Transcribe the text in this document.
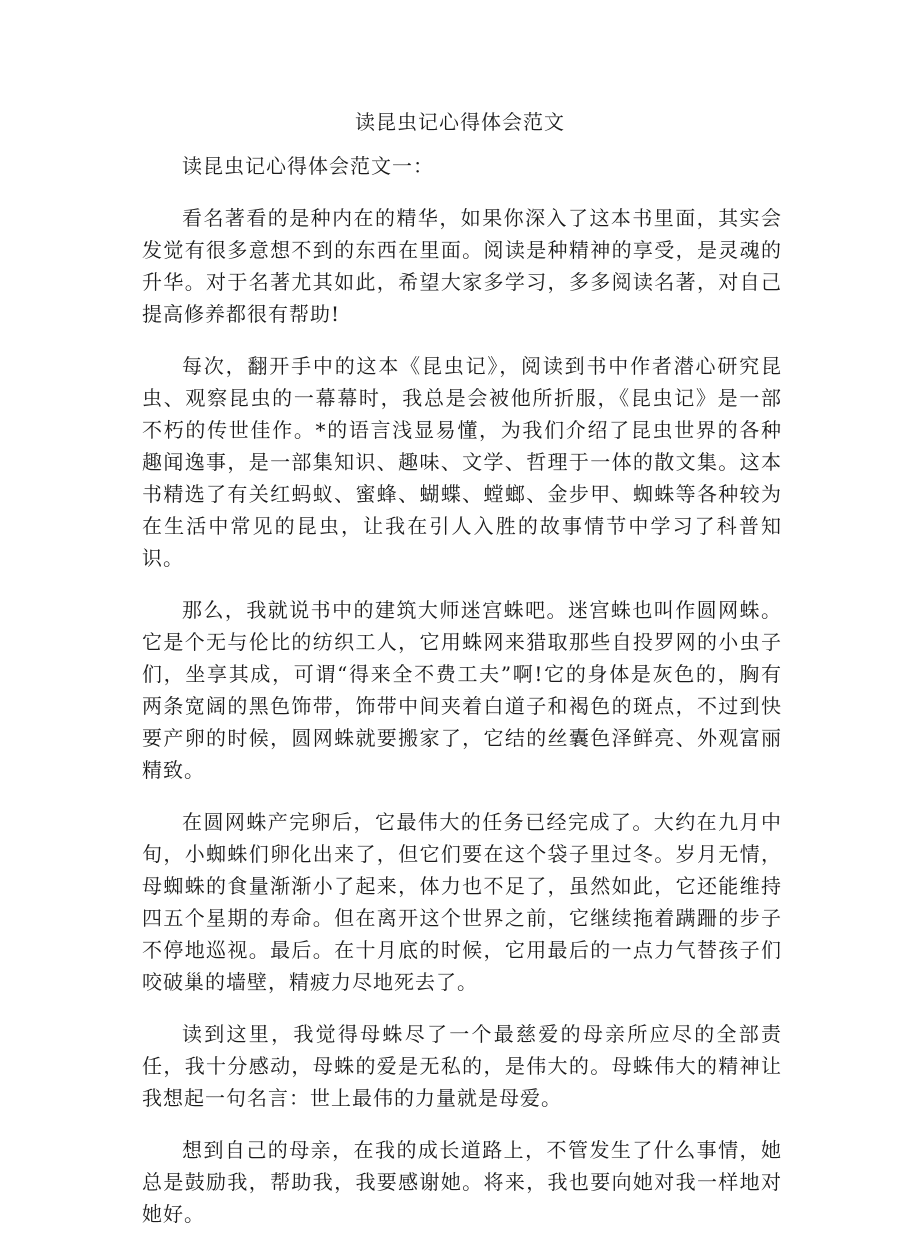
读昆虫记心得体会范文

读昆虫记心得体会范文一：

看名著看的是种内在的精华，如果你深入了这本书里面，其实会发觉有很多意想不到的东西在里面。阅读是种精神的享受，是灵魂的升华。对于名著尤其如此，希望大家多学习，多多阅读名著，对自己提高修养都很有帮助!

每次，翻开手中的这本《昆虫记》，阅读到书中作者潜心研究昆虫、观察昆虫的一幕幕时，我总是会被他所折服，《昆虫记》是一部不朽的传世佳作。*的语言浅显易懂，为我们介绍了昆虫世界的各种趣闻逸事，是一部集知识、趣味、文学、哲理于一体的散文集。这本书精选了有关红蚂蚁、蜜蜂、蝴蝶、螳螂、金步甲、蜘蛛等各种较为在生活中常见的昆虫，让我在引人入胜的故事情节中学习了科普知识。

那么，我就说书中的建筑大师迷宫蛛吧。迷宫蛛也叫作圆网蛛。它是个无与伦比的纺织工人，它用蛛网来猎取那些自投罗网的小虫子们，坐享其成，可谓“得来全不费工夫”啊!它的身体是灰色的，胸有两条宽阔的黑色饰带，饰带中间夹着白道子和褐色的斑点，不过到快要产卵的时候，圆网蛛就要搬家了，它结的丝囊色泽鲜亮、外观富丽精致。

在圆网蛛产完卵后，它最伟大的任务已经完成了。大约在九月中旬，小蜘蛛们卵化出来了，但它们要在这个袋子里过冬。岁月无情，母蜘蛛的食量渐渐小了起来，体力也不足了，虽然如此，它还能维持四五个星期的寿命。但在离开这个世界之前，它继续拖着蹒跚的步子不停地巡视。最后。在十月底的时候，它用最后的一点力气替孩子们咬破巢的墙壁，精疲力尽地死去了。

读到这里，我觉得母蛛尽了一个最慈爱的母亲所应尽的全部责任，我十分感动，母蛛的爱是无私的，是伟大的。母蛛伟大的精神让我想起一句名言：世上最伟的力量就是母爱。

想到自己的母亲，在我的成长道路上，不管发生了什么事情，她总是鼓励我，帮助我，我要感谢她。将来，我也要向她对我一样地对她好。
